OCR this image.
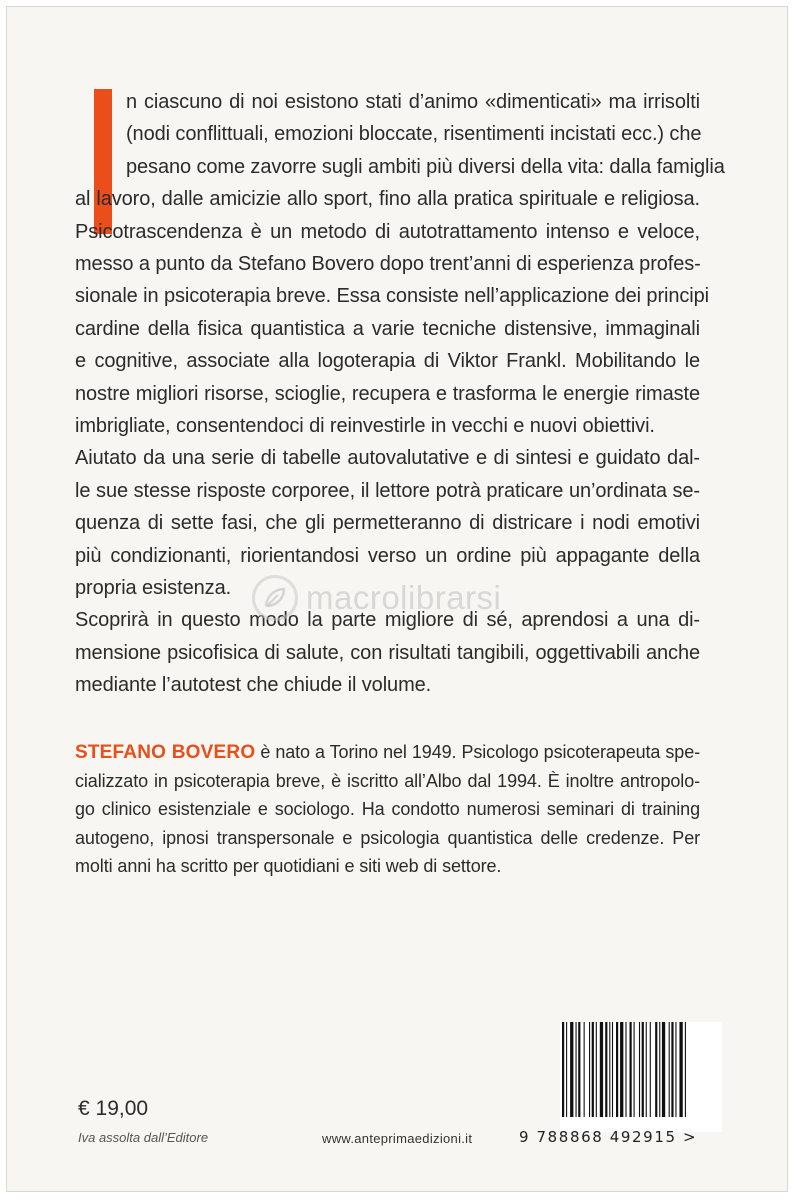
n ciascuno di noi esistono stati d’animo «dimenticati» ma irrisolti
(nodi conflittuali, emozioni bloccate, risentimenti incistati ecc.) che
pesano come zavorre sugli ambiti più diversi della vita: dalla famiglia
al lavoro, dalle amicizie allo sport, fino alla pratica spirituale e religiosa.
Psicotrascendenza è un metodo di autotrattamento intenso e veloce,
messo a punto da Stefano Bovero dopo trent’anni di esperienza profes-
sionale in psicoterapia breve. Essa consiste nell’applicazione dei principi
cardine della fisica quantistica a varie tecniche distensive, immaginali
e cognitive, associate alla logoterapia di Viktor Frankl. Mobilitando le
nostre migliori risorse, scioglie, recupera e trasforma le energie rimaste
imbrigliate, consentendoci di reinvestirle in vecchi e nuovi obiettivi.
Aiutato da una serie di tabelle autovalutative e di sintesi e guidato dal-
le sue stesse risposte corporee, il lettore potrà praticare un’ordinata se-
quenza di sette fasi, che gli permetteranno di districare i nodi emotivi
più condizionanti, riorientandosi verso un ordine più appagante della
propria esistenza.
Scoprirà in questo modo la parte migliore di sé, aprendosi a una di-
mensione psicofisica di salute, con risultati tangibili, oggettivabili anche
mediante l’autotest che chiude il volume.
macrolibrarsi
STEFANO BOVERO è nato a Torino nel 1949. Psicologo psicoterapeuta spe-
cializzato in psicoterapia breve, è iscritto all’Albo dal 1994. È inoltre antropolo-
go clinico esistenziale e sociologo. Ha condotto numerosi seminari di training
autogeno, ipnosi transpersonale e psicologia quantistica delle credenze. Per
molti anni ha scritto per quotidiani e siti web di settore.
€ 19,00
Iva assolta dall’Editore	www.anteprimaedizioni.it	9 788868 492915 >
